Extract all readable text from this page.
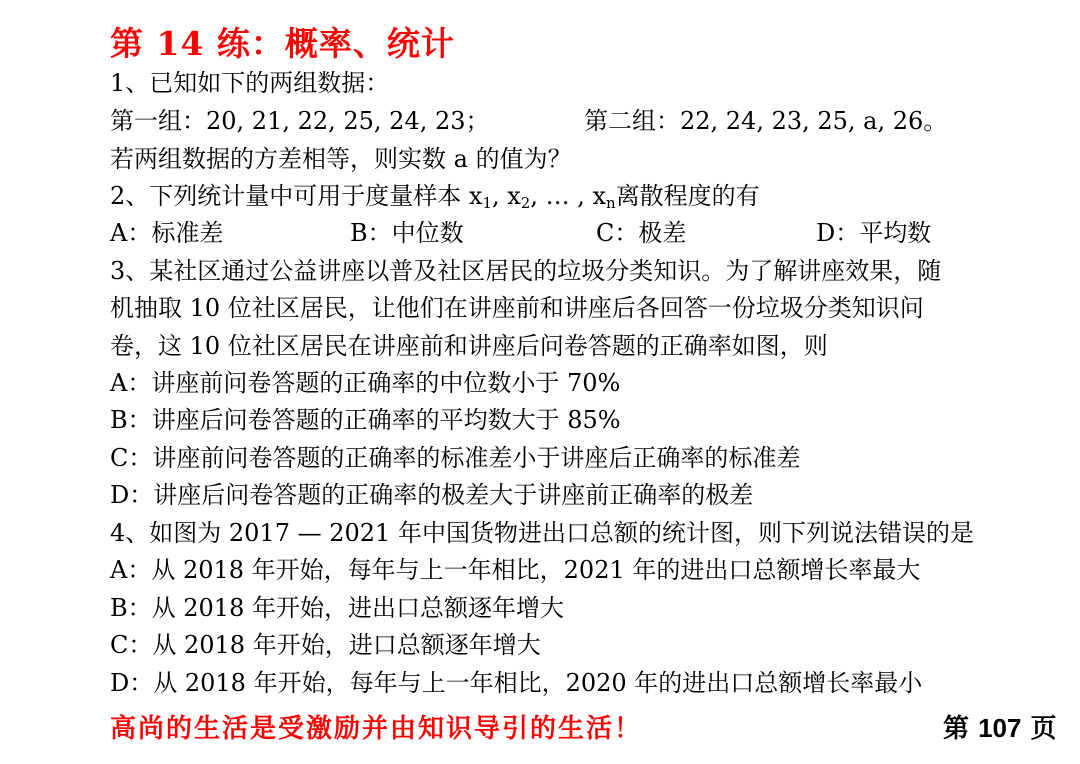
第 14 练：概率、统计
1、已知如下的两组数据：
第一组：20, 21, 22, 25, 24, 23；	第二组：22, 24, 23, 25, a, 26。
若两组数据的方差相等，则实数 a 的值为？
2、下列统计量中可用于度量样本 $x_1$, $x_2$, … , $x_n$离散程度的有
A：标准差	B：中位数	C：极差	D：平均数
3、某社区通过公益讲座以普及社区居民的垃圾分类知识。为了解讲座效果，随
机抽取 10 位社区居民，让他们在讲座前和讲座后各回答一份垃圾分类知识问
卷，这 10 位社区居民在讲座前和讲座后问卷答题的正确率如图，则
A：讲座前问卷答题的正确率的中位数小于 70%
B：讲座后问卷答题的正确率的平均数大于 85%
C：讲座前问卷答题的正确率的标准差小于讲座后正确率的标准差
D：讲座后问卷答题的正确率的极差大于讲座前正确率的极差
4、如图为 2017 — 2021 年中国货物进出口总额的统计图，则下列说法错误的是
A：从 2018 年开始，每年与上一年相比，2021 年的进出口总额增长率最大
B：从 2018 年开始，进出口总额逐年增大
C：从 2018 年开始，进口总额逐年增大
D：从 2018 年开始，每年与上一年相比，2020 年的进出口总额增长率最小
高尚的生活是受激励并由知识导引的生活！	第 107 页
